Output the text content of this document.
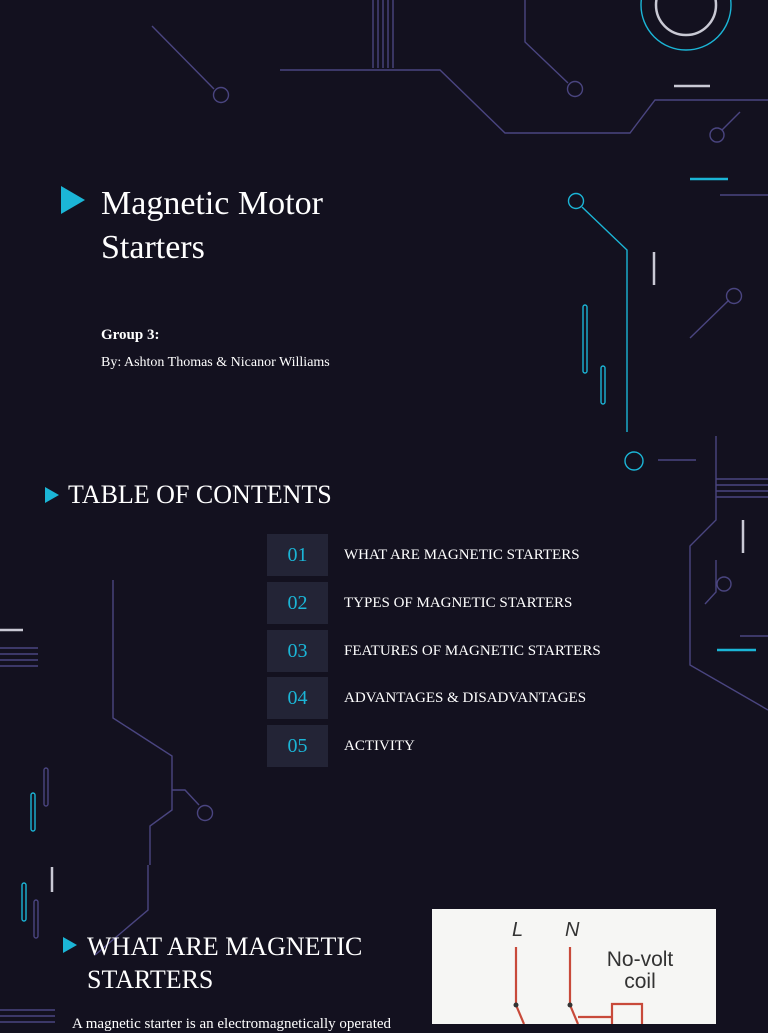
Magnetic Motor Starters
Group 3:
By: Ashton Thomas & Nicanor Williams
TABLE OF CONTENTS
01	WHAT ARE MAGNETIC STARTERS
02	TYPES OF MAGNETIC STARTERS
03	FEATURES OF MAGNETIC STARTERS
04	ADVANTAGES & DISADVANTAGES
05	ACTIVITY
WHAT ARE MAGNETIC STARTERS
A magnetic starter is an electromagnetically operated
L N
No-volt coil
